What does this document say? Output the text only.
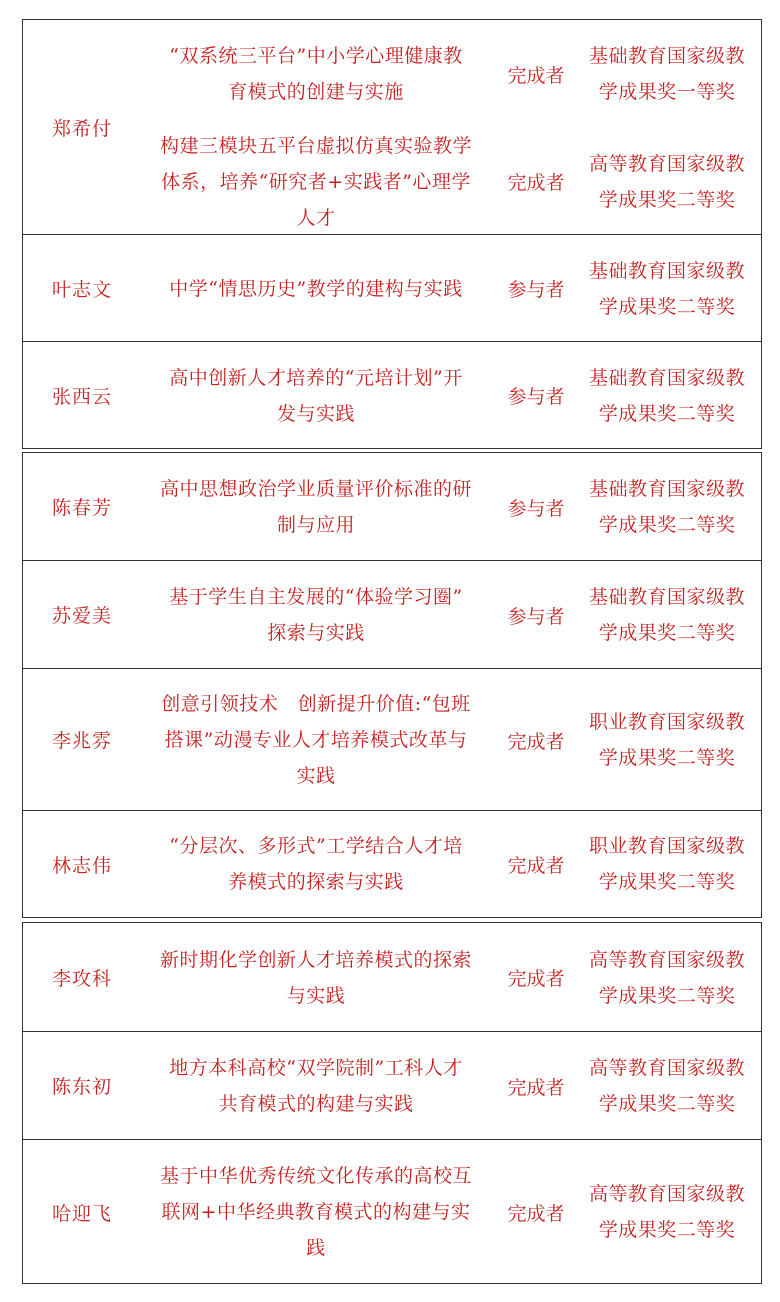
郑希付
“双系统三平台”中小学心理健康教
育模式的创建与实施
完成者
基础教育国家级教
学成果奖一等奖
构建三模块五平台虚拟仿真实验教学
体系，培养“研究者+实践者”心理学
人才
完成者
高等教育国家级教
学成果奖二等奖
叶志文	中学“情思历史”教学的建构与实践	参与者
基础教育国家级教
学成果奖二等奖
张西云
高中创新人才培养的“元培计划”开
发与实践
参与者
基础教育国家级教
学成果奖二等奖
陈春芳
高中思想政治学业质量评价标准的研
制与应用
参与者
基础教育国家级教
学成果奖二等奖
苏爱美
基于学生自主发展的“体验学习圈”
探索与实践
参与者
基础教育国家级教
学成果奖二等奖
李兆雰
创意引领技术　创新提升价值:“包班
搭课”动漫专业人才培养模式改革与
实践
完成者
职业教育国家级教
学成果奖二等奖
林志伟
“分层次、多形式”工学结合人才培
养模式的探索与实践
完成者
职业教育国家级教
学成果奖二等奖
李攻科
新时期化学创新人才培养模式的探索
与实践
完成者
高等教育国家级教
学成果奖二等奖
陈东初
地方本科高校“双学院制”工科人才
共育模式的构建与实践
完成者
高等教育国家级教
学成果奖二等奖
哈迎飞
基于中华优秀传统文化传承的高校互
联网+中华经典教育模式的构建与实
践
完成者
高等教育国家级教
学成果奖二等奖
